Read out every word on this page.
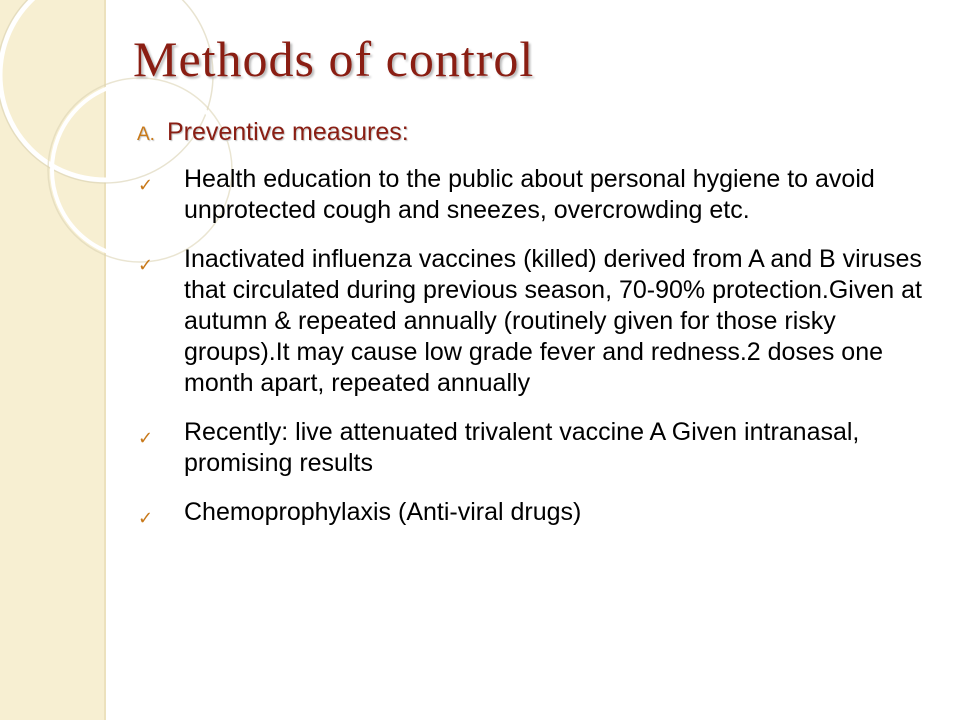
Methods of control
A. Preventive measures:
✓ Health education to the public about personal hygiene to avoid unprotected cough and sneezes, overcrowding etc.
✓ Inactivated influenza vaccines (killed) derived from A and B viruses that circulated during previous season, 70-90% protection.Given at autumn & repeated annually (routinely given for those risky groups).It may cause low grade fever and redness.2 doses one month apart, repeated annually
✓ Recently: live attenuated trivalent vaccine A Given intranasal, promising results
✓ Chemoprophylaxis (Anti-viral drugs)
